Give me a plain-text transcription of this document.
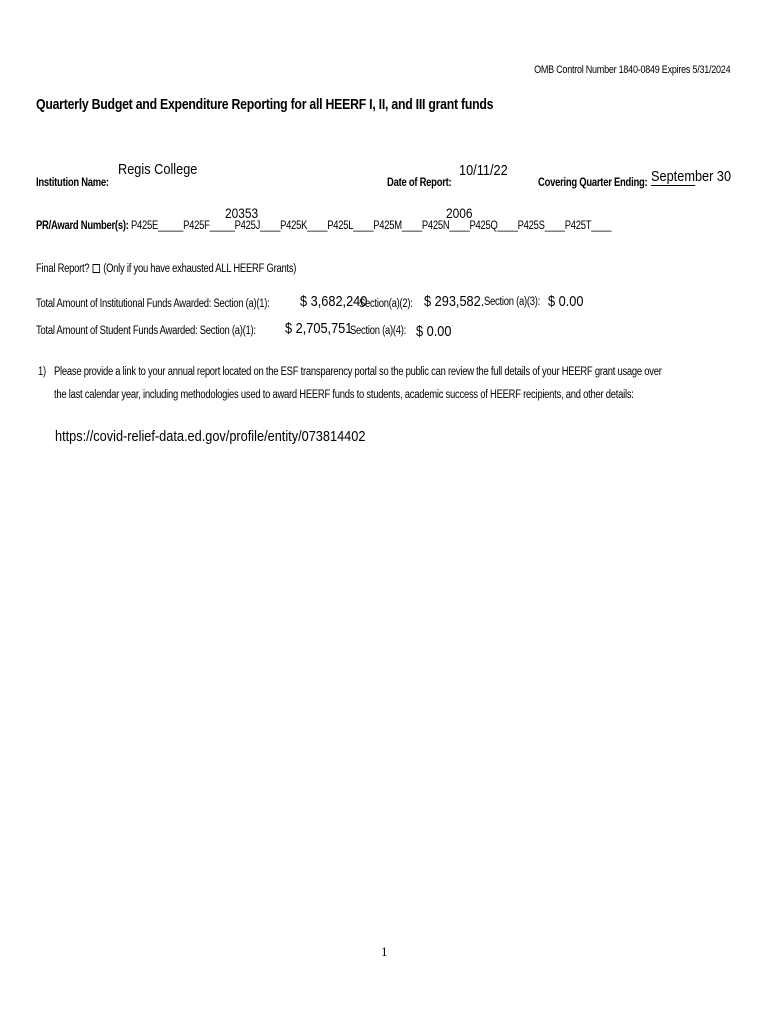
OMB Control Number 1840-0849 Expires 5/31/2024
Quarterly Budget and Expenditure Reporting for all HEERF I, II, and III grant funds
Institution Name:
Regis College
Date of Report:
10/11/22
Covering Quarter Ending: September 30
PR/Award Number(s): P425E_____P425F_____P425J____P425K____P425L____P425M____P425N____P425Q____P425S____P425T____
20353	2006
Final Report? (Only if you have exhausted ALL HEERF Grants)
Total Amount of Institutional Funds Awarded: Section (a)(1): $ 3,682,240
Section(a)(2): $ 293,582. Section (a)(3): $ 0.00
Total Amount of Student Funds Awarded: Section (a)(1): $ 2,705,751
Section (a)(4): $ 0.00
1) Please provide a link to your annual report located on the ESF transparency portal so the public can review the full details of your HEERF grant usage over
the last calendar year, including methodologies used to award HEERF funds to students, academic success of HEERF recipients, and other details:
https://covid-relief-data.ed.gov/profile/entity/073814402
1
